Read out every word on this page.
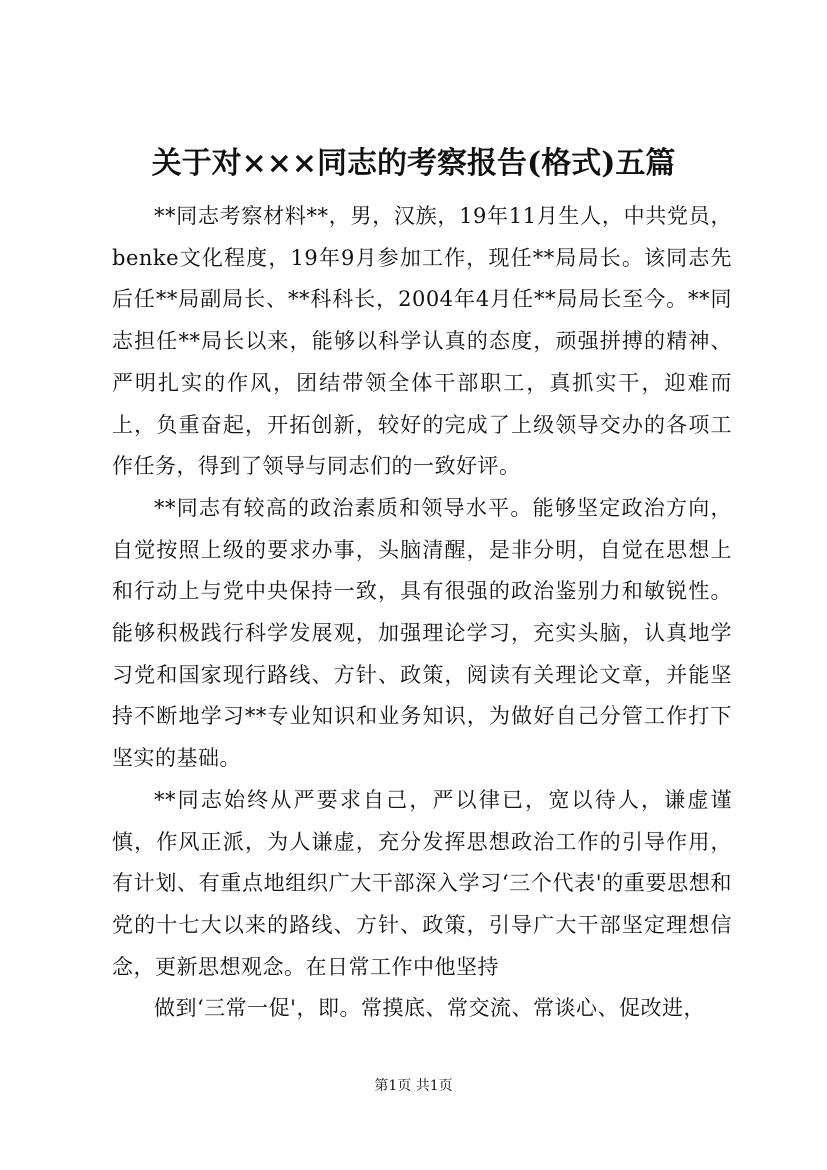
关于对×××同志的考察报告(格式)五篇

**同志考察材料**，男，汉族，19年11月生人，中共党员，benke文化程度，19年9月参加工作，现任**局局长。该同志先后任**局副局长、**科科长，2004年4月任**局局长至今。**同志担任**局长以来，能够以科学认真的态度，顽强拼搏的精神、严明扎实的作风，团结带领全体干部职工，真抓实干，迎难而上，负重奋起，开拓创新，较好的完成了上级领导交办的各项工作任务，得到了领导与同志们的一致好评。

**同志有较高的政治素质和领导水平。能够坚定政治方向，自觉按照上级的要求办事，头脑清醒，是非分明，自觉在思想上和行动上与党中央保持一致，具有很强的政治鉴别力和敏锐性。能够积极践行科学发展观，加强理论学习，充实头脑，认真地学习党和国家现行路线、方针、政策，阅读有关理论文章，并能坚持不断地学习**专业知识和业务知识，为做好自己分管工作打下坚实的基础。

**同志始终从严要求自己，严以律已，宽以待人，谦虚谨慎，作风正派，为人谦虚，充分发挥思想政治工作的引导作用，有计划、有重点地组织广大干部深入学习‘三个代表'的重要思想和党的十七大以来的路线、方针、政策，引导广大干部坚定理想信念，更新思想观念。在日常工作中他坚持

做到‘三常一促'，即。常摸底、常交流、常谈心、促改进，

第1页 共1页
